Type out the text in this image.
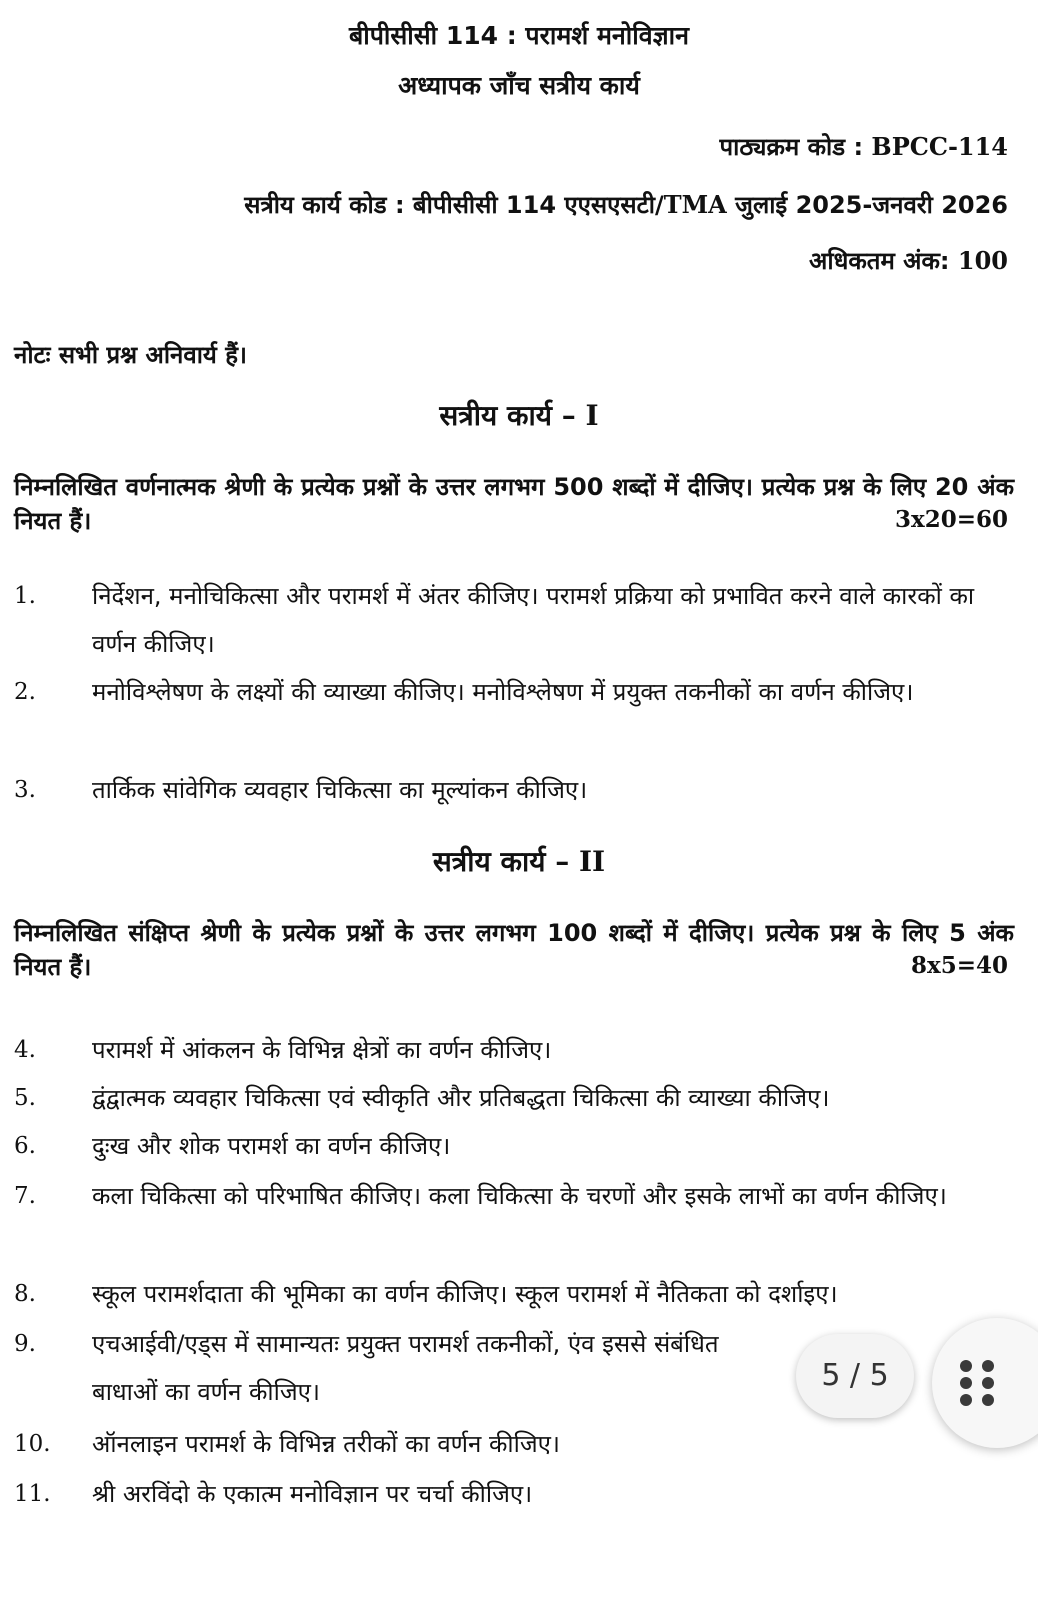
बीपीसीसी 114 : परामर्श मनोविज्ञान
अध्यापक जाँच सत्रीय कार्य
पाठ्यक्रम कोड : BPCC-114
सत्रीय कार्य कोड : बीपीसीसी 114 एएसएसटी/TMA जुलाई 2025-जनवरी 2026
अधिकतम अंक: 100
नोटः सभी प्रश्न अनिवार्य हैं।
सत्रीय कार्य – I
निम्नलिखित वर्णनात्मक श्रेणी के प्रत्येक प्रश्नों के उत्तर लगभग 500 शब्दों में दीजिए। प्रत्येक प्रश्न के लिए 20 अंक नियत हैं।	3x20=60
1. निर्देशन, मनोचिकित्सा और परामर्श में अंतर कीजिए। परामर्श प्रक्रिया को प्रभावित करने वाले कारकों का वर्णन कीजिए।
2. मनोविश्लेषण के लक्ष्यों की व्याख्या कीजिए। मनोविश्लेषण में प्रयुक्त तकनीकों का वर्णन कीजिए।
3. तार्किक सांवेगिक व्यवहार चिकित्सा का मूल्यांकन कीजिए।
सत्रीय कार्य – II
निम्नलिखित संक्षिप्त श्रेणी के प्रत्येक प्रश्नों के उत्तर लगभग 100 शब्दों में दीजिए। प्रत्येक प्रश्न के लिए 5 अंक नियत हैं।	8x5=40
4. परामर्श में आंकलन के विभिन्न क्षेत्रों का वर्णन कीजिए।
5. द्वंद्वात्मक व्यवहार चिकित्सा एवं स्वीकृति और प्रतिबद्धता चिकित्सा की व्याख्या कीजिए।
6. दुःख और शोक परामर्श का वर्णन कीजिए।
7. कला चिकित्सा को परिभाषित कीजिए। कला चिकित्सा के चरणों और इसके लाभों का वर्णन कीजिए।
8. स्कूल परामर्शदाता की भूमिका का वर्णन कीजिए। स्कूल परामर्श में नैतिकता को दर्शाइए।
9. एचआईवी/एड्स में सामान्यतः प्रयुक्त परामर्श तकनीकों, एंव इससे संबंधित बाधाओं का वर्णन कीजिए।
10. ऑनलाइन परामर्श के विभिन्न तरीकों का वर्णन कीजिए।
11. श्री अरविंदो के एकात्म मनोविज्ञान पर चर्चा कीजिए।
5 / 5
